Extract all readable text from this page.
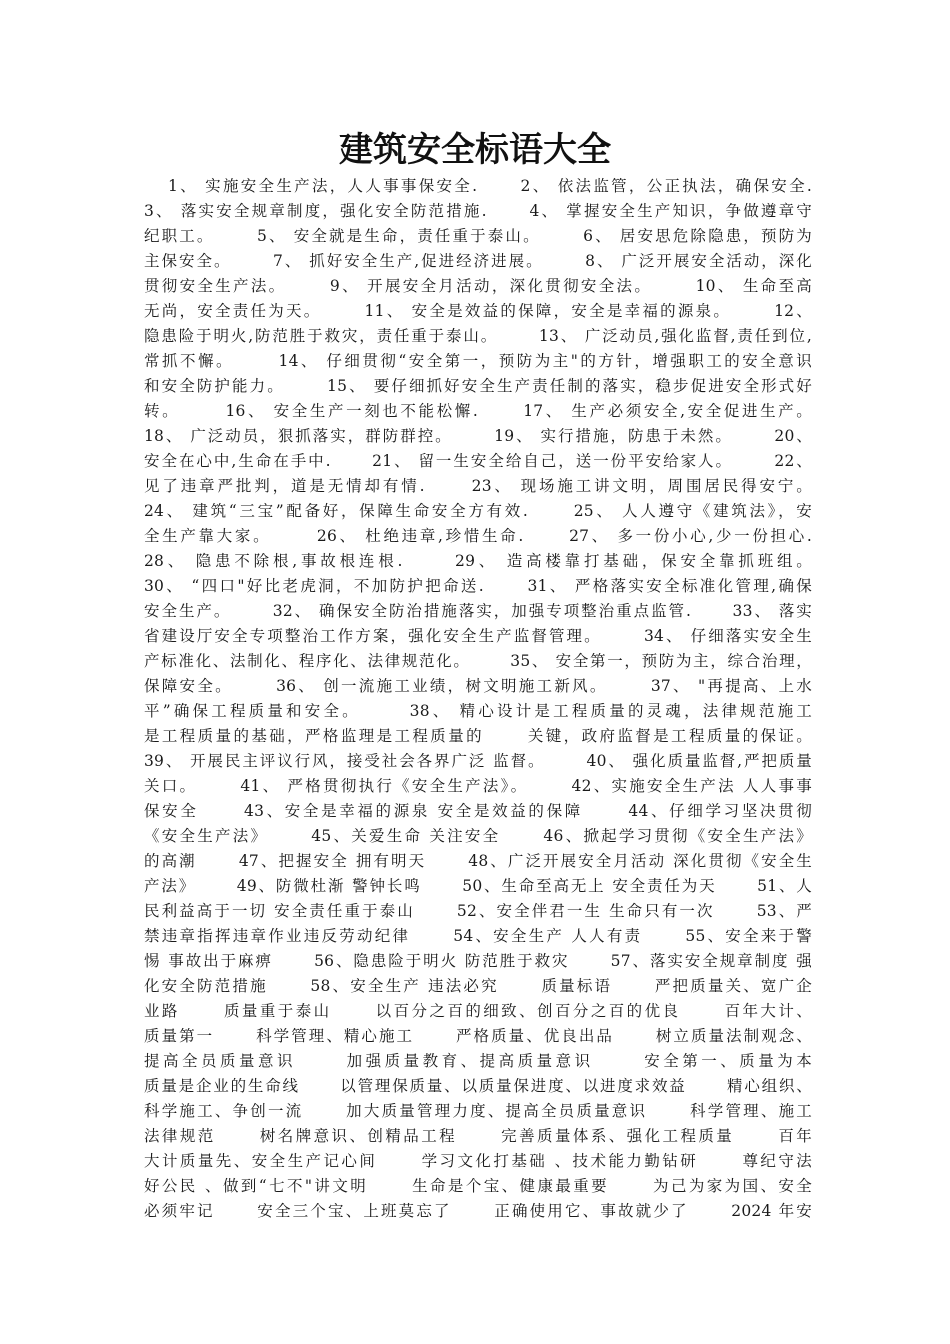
建筑安全标语大全
1、 实施安全生产法，人人事事保安全.      2、 依法监管，公正执法，确保安全.
3、 落实安全规章制度，强化安全防范措施.      4、 掌握安全生产知识，争做遵章守
纪职工。      5、 安全就是生命，责任重于泰山。      6、 居安思危除隐患，预防为
主保安全。      7、 抓好安全生产,促进经济进展。      8、 广泛开展安全活动，深化
贯彻安全生产法。      9、 开展安全月活动，深化贯彻安全法。      10、 生命至高
无尚，安全责任为天。      11、 安全是效益的保障，安全是幸福的源泉。      12、
隐患险于明火,防范胜于救灾，责任重于泰山。      13、 广泛动员,强化监督,责任到位,
常抓不懈。      14、 仔细贯彻“安全第一，预防为主"的方针，增强职工的安全意识
和安全防护能力。      15、 要仔细抓好安全生产责任制的落实，稳步促进安全形式好
转。      16、 安全生产一刻也不能松懈.      17、 生产必须安全,安全促进生产。
18、 广泛动员，狠抓落实，群防群控。      19、 实行措施，防患于未然。      20、
安全在心中,生命在手中.      21、 留一生安全给自己，送一份平安给家人。      22、
见了违章严批判，道是无情却有情.      23、 现场施工讲文明，周围居民得安宁。
24、 建筑“三宝”配备好，保障生命安全方有效.      25、 人人遵守《建筑法》，安
全生产靠大家。      26、 杜绝违章,珍惜生命.      27、 多一份小心,少一份担心.
28、 隐患不除根,事故根连根.      29、 造高楼靠打基础，保安全靠抓班组。
30、 “四口"好比老虎洞，不加防护把命送.      31、 严格落实安全标准化管理,确保
安全生产。      32、 确保安全防治措施落实，加强专项整治重点监管.      33、 落实
省建设厅安全专项整治工作方案，强化安全生产监督管理。      34、 仔细落实安全生
产标准化、法制化、程序化、法律规范化。      35、 安全第一，预防为主，综合治理，
保障安全。      36、 创一流施工业绩，树文明施工新风。      37、 "再提高、上水
平”确保工程质量和安全。      38、 精心设计是工程质量的灵魂，法律规范施工
是工程质量的基础，严格监理是工程质量的      关键，政府监督是工程质量的保证。
39、 开展民主评议行风，接受社会各界广泛 监督。      40、 强化质量监督,严把质量
关口。      41、 严格贯彻执行《安全生产法》。      42、实施安全生产法 人人事事
保安全      43、安全是幸福的源泉 安全是效益的保障      44、仔细学习坚决贯彻
《安全生产法》      45、关爱生命 关注安全      46、掀起学习贯彻《安全生产法》
的高潮      47、把握安全 拥有明天      48、广泛开展安全月活动 深化贯彻《安全生
产法》      49、防微杜渐 警钟长鸣      50、生命至高无上 安全责任为天      51、人
民利益高于一切 安全责任重于泰山      52、安全伴君一生 生命只有一次      53、严
禁违章指挥违章作业违反劳动纪律      54、安全生产 人人有责      55、安全来于警
惕 事故出于麻痹      56、隐患险于明火 防范胜于救灾      57、落实安全规章制度 强
化安全防范措施      58、安全生产 违法必究      质量标语      严把质量关、宽广企
业路      质量重于泰山      以百分之百的细致、创百分之百的优良      百年大计、
质量第一      科学管理、精心施工      严格质量、优良出品      树立质量法制观念、
提高全员质量意识      加强质量教育、提高质量意识      安全第一、质量为本
质量是企业的生命线      以管理保质量、以质量保进度、以进度求效益      精心组织、
科学施工、争创一流      加大质量管理力度、提高全员质量意识      科学管理、施工
法律规范      树名牌意识、创精品工程      完善质量体系、强化工程质量      百年
大计质量先、安全生产记心间      学习文化打基础 、技术能力勤钻研      尊纪守法
好公民 、做到“七不"讲文明      生命是个宝、健康最重要      为己为家为国、安全
必须牢记      安全三个宝、上班莫忘了      正确使用它、事故就少了      2024 年安
